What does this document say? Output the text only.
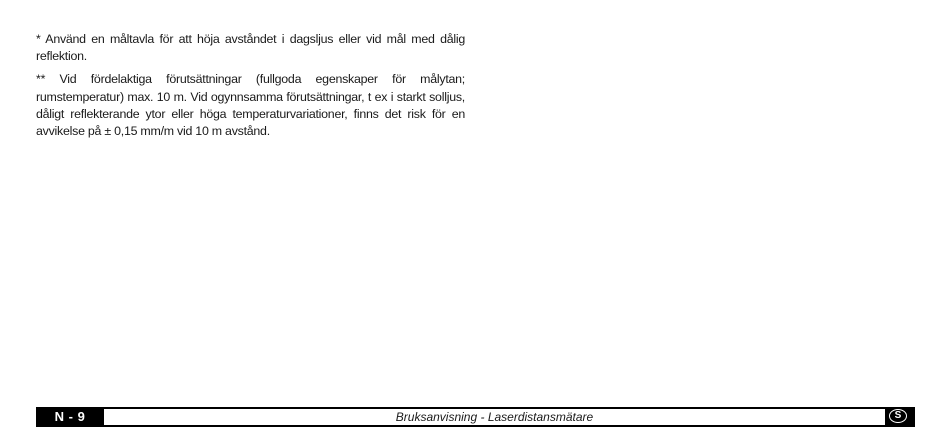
* Använd en måltavla för att höja avståndet i dagsljus eller vid mål med dålig reflektion.

** Vid fördelaktiga förutsättningar (fullgoda egenskaper för målytan; rumstemperatur) max. 10 m. Vid ogynnsamma förutsättningar, t ex i starkt solljus, dåligt reflekterande ytor eller höga temperaturvariationer, finns det risk för en avvikelse på ± 0,15 mm/m vid 10 m avstånd.

N - 9	Bruksanvisning - Laserdistansmätare	S
